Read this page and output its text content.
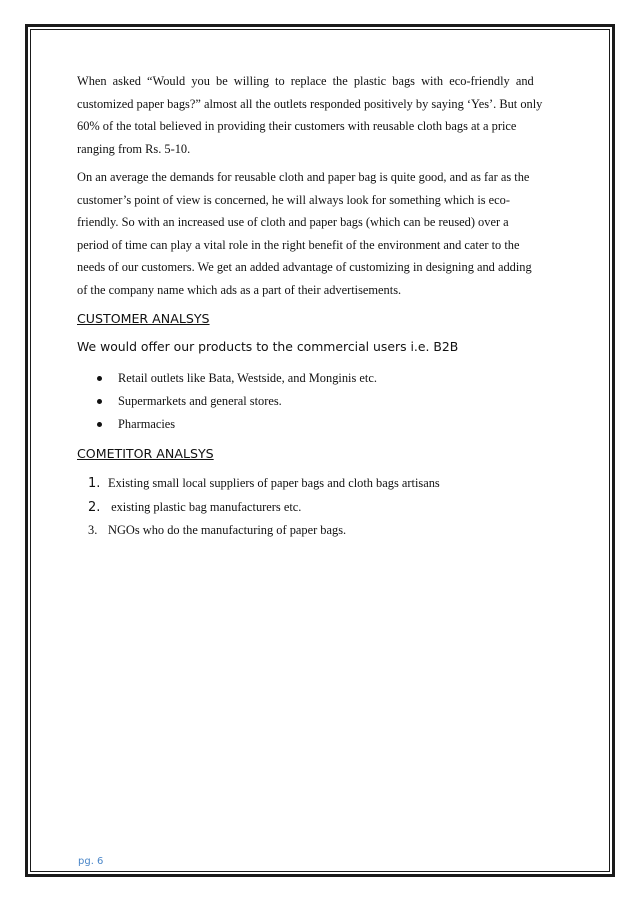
When asked “Would you be willing to replace the plastic bags with eco-friendly and
customized paper bags?” almost all the outlets responded positively by saying ‘Yes’. But only
60% of the total believed in providing their customers with reusable cloth bags at a price
ranging from Rs. 5-10.

On an average the demands for reusable cloth and paper bag is quite good, and as far as the
customer’s point of view is concerned, he will always look for something which is eco-
friendly. So with an increased use of cloth and paper bags (which can be reused) over a
period of time can play a vital role in the right benefit of the environment and cater to the
needs of our customers. We get an added advantage of customizing in designing and adding
of the company name which ads as a part of their advertisements.

CUSTOMER ANALSYS
We would offer our products to the commercial users i.e. B2B
Retail outlets like Bata, Westside, and Monginis etc.
Supermarkets and general stores.
Pharmacies
COMETITOR ANALSYS
1. Existing small local suppliers of paper bags and cloth bags artisans
2. existing plastic bag manufacturers etc.
3. NGOs who do the manufacturing of paper bags.
pg. 6
